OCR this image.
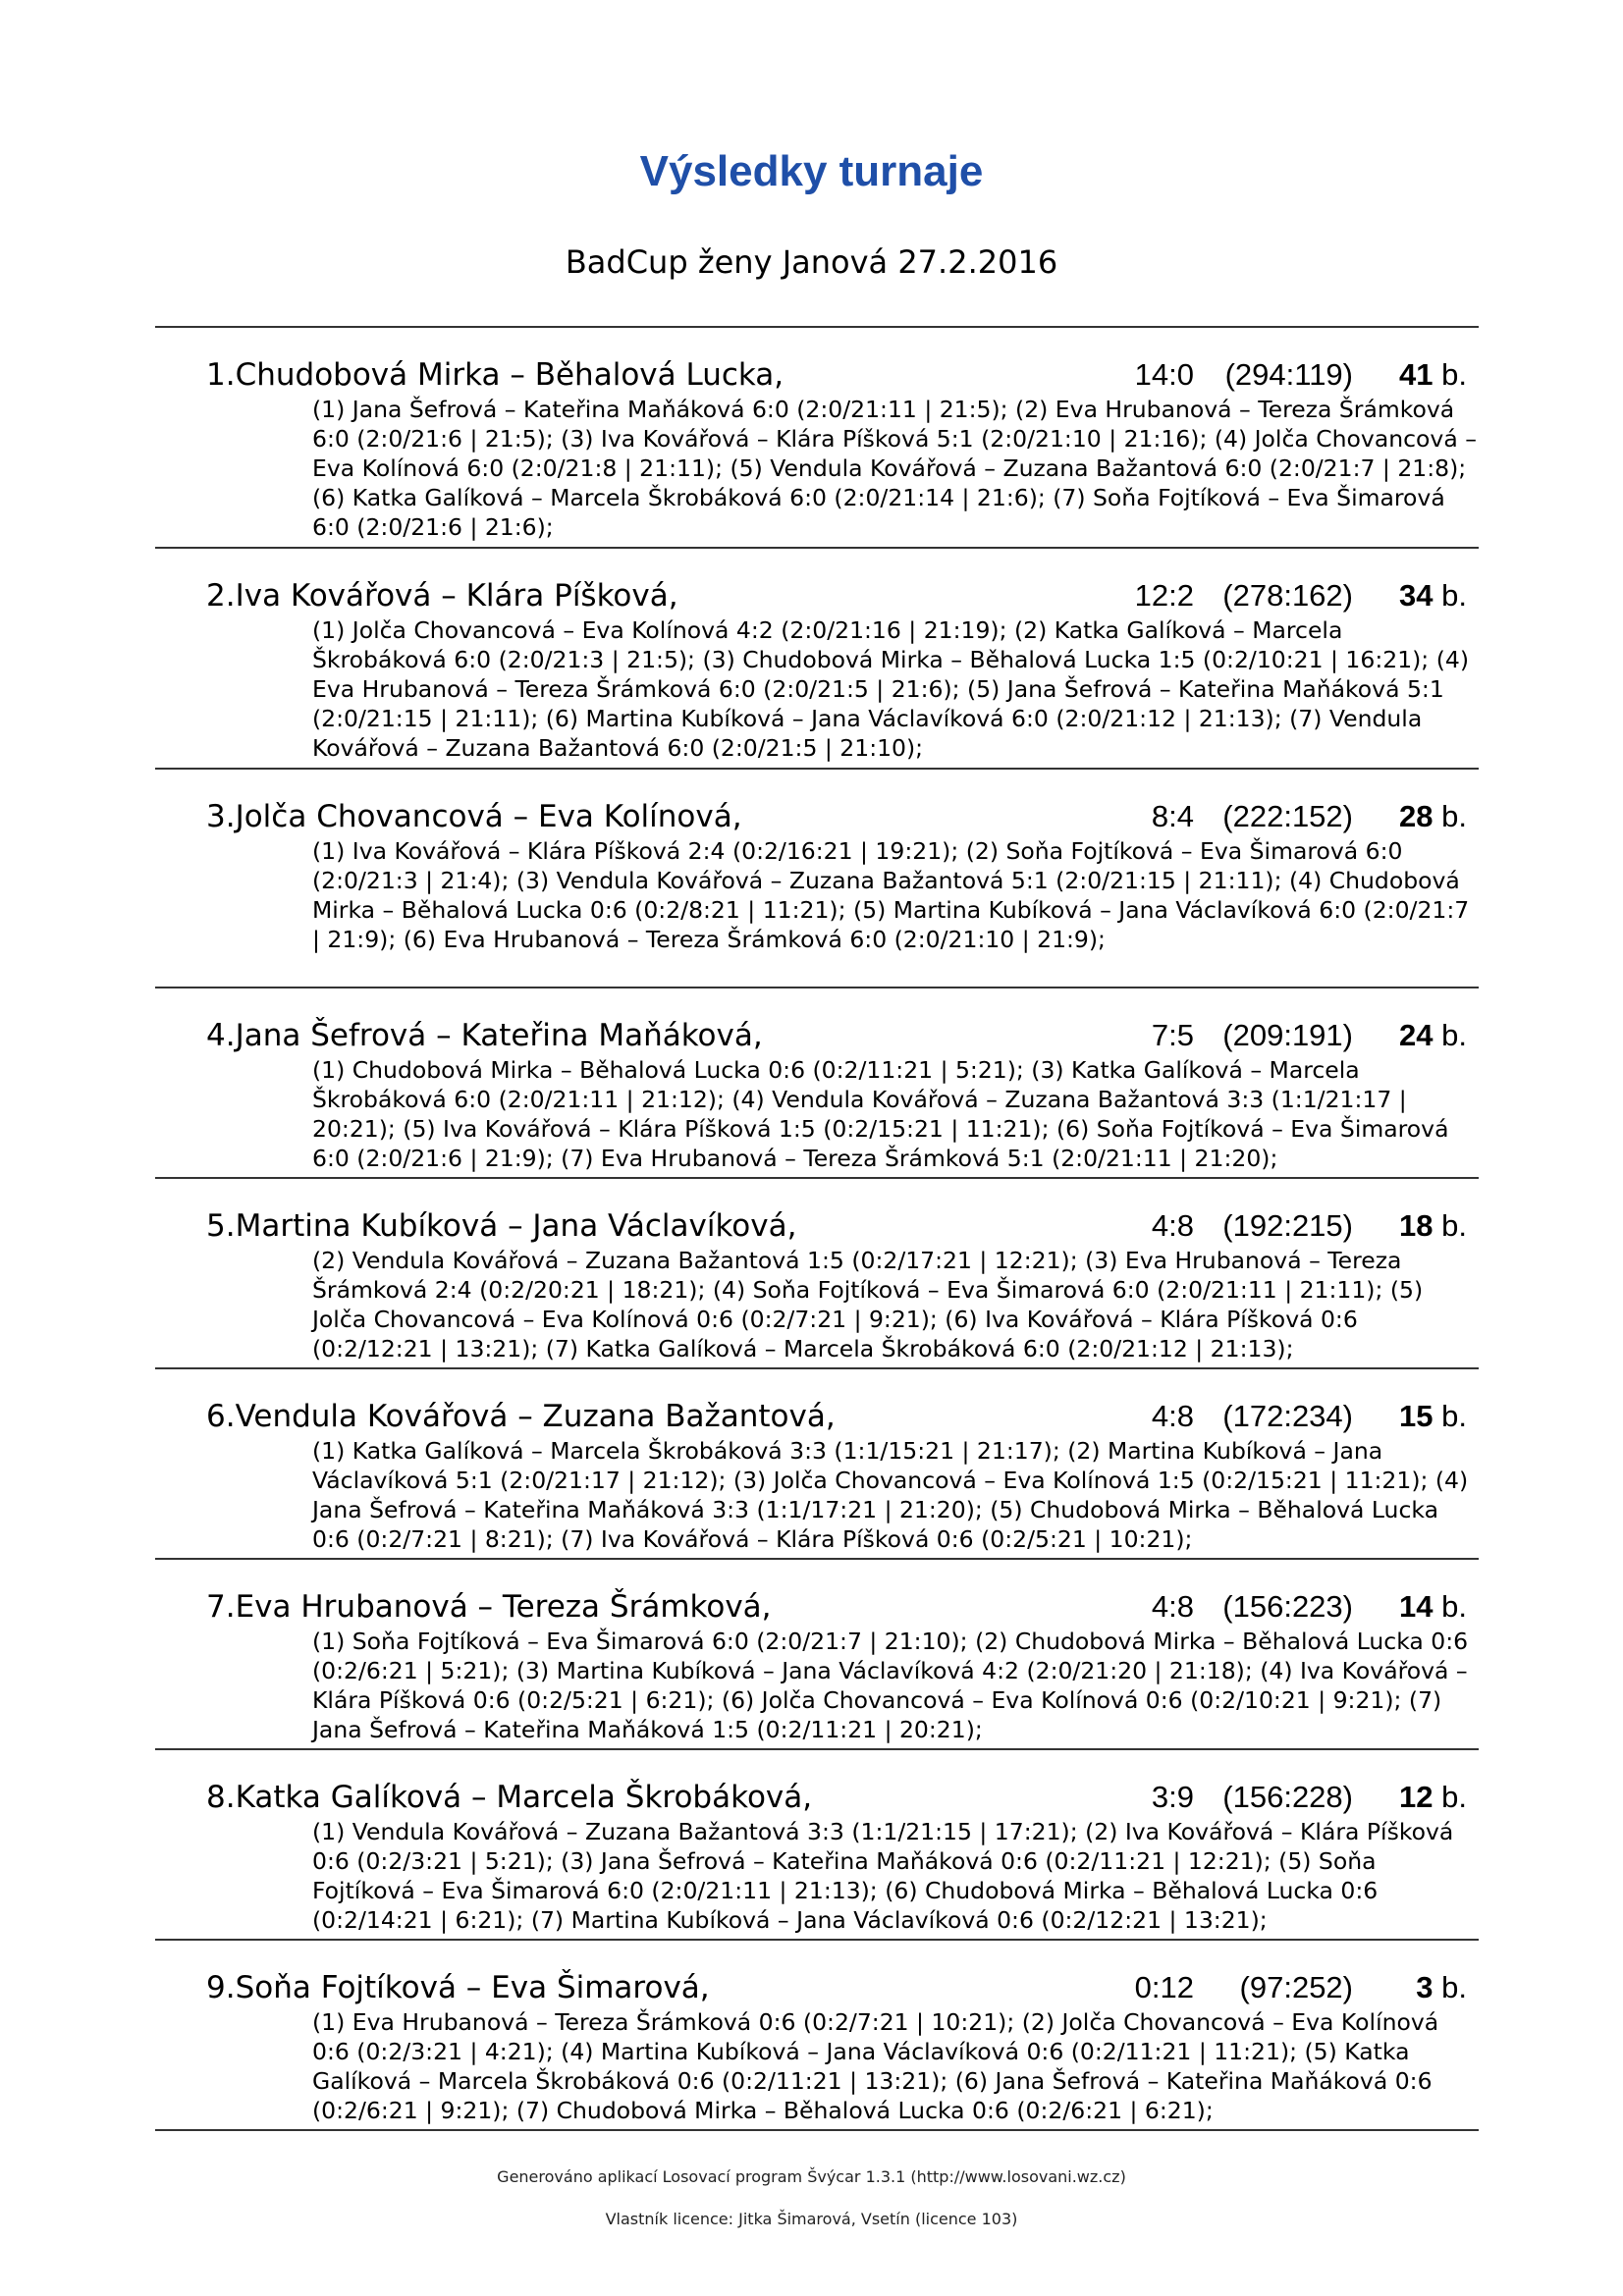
Výsledky turnaje
BadCup ženy Janová 27.2.2016
1.Chudobová Mirka – Běhalová Lucka,	14:0 (294:119) 41 b.
(1) Jana Šefrová – Kateřina Maňáková 6:0 (2:0/21:11 | 21:5); (2) Eva Hrubanová – Tereza Šrámková 6:0 (2:0/21:6 | 21:5); (3) Iva Kovářová – Klára Píšková 5:1 (2:0/21:10 | 21:16); (4) Jolča Chovancová – Eva Kolínová 6:0 (2:0/21:8 | 21:11); (5) Vendula Kovářová – Zuzana Bažantová 6:0 (2:0/21:7 | 21:8); (6) Katka Galíková – Marcela Škrobáková 6:0 (2:0/21:14 | 21:6); (7) Soňa Fojtíková – Eva Šimarová 6:0 (2:0/21:6 | 21:6);
2.Iva Kovářová – Klára Píšková,	12:2 (278:162) 34 b.
(1) Jolča Chovancová – Eva Kolínová 4:2 (2:0/21:16 | 21:19); (2) Katka Galíková – Marcela Škrobáková 6:0 (2:0/21:3 | 21:5); (3) Chudobová Mirka – Běhalová Lucka 1:5 (0:2/10:21 | 16:21); (4) Eva Hrubanová – Tereza Šrámková 6:0 (2:0/21:5 | 21:6); (5) Jana Šefrová – Kateřina Maňáková 5:1 (2:0/21:15 | 21:11); (6) Martina Kubíková – Jana Václavíková 6:0 (2:0/21:12 | 21:13); (7) Vendula Kovářová – Zuzana Bažantová 6:0 (2:0/21:5 | 21:10);
3.Jolča Chovancová – Eva Kolínová,	8:4 (222:152) 28 b.
(1) Iva Kovářová – Klára Píšková 2:4 (0:2/16:21 | 19:21); (2) Soňa Fojtíková – Eva Šimarová 6:0 (2:0/21:3 | 21:4); (3) Vendula Kovářová – Zuzana Bažantová 5:1 (2:0/21:15 | 21:11); (4) Chudobová Mirka – Běhalová Lucka 0:6 (0:2/8:21 | 11:21); (5) Martina Kubíková – Jana Václavíková 6:0 (2:0/21:7 | 21:9); (6) Eva Hrubanová – Tereza Šrámková 6:0 (2:0/21:10 | 21:9);
4.Jana Šefrová – Kateřina Maňáková,	7:5 (209:191) 24 b.
(1) Chudobová Mirka – Běhalová Lucka 0:6 (0:2/11:21 | 5:21); (3) Katka Galíková – Marcela Škrobáková 6:0 (2:0/21:11 | 21:12); (4) Vendula Kovářová – Zuzana Bažantová 3:3 (1:1/21:17 | 20:21); (5) Iva Kovářová – Klára Píšková 1:5 (0:2/15:21 | 11:21); (6) Soňa Fojtíková – Eva Šimarová 6:0 (2:0/21:6 | 21:9); (7) Eva Hrubanová – Tereza Šrámková 5:1 (2:0/21:11 | 21:20);
5.Martina Kubíková – Jana Václavíková,	4:8 (192:215) 18 b.
(2) Vendula Kovářová – Zuzana Bažantová 1:5 (0:2/17:21 | 12:21); (3) Eva Hrubanová – Tereza Šrámková 2:4 (0:2/20:21 | 18:21); (4) Soňa Fojtíková – Eva Šimarová 6:0 (2:0/21:11 | 21:11); (5) Jolča Chovancová – Eva Kolínová 0:6 (0:2/7:21 | 9:21); (6) Iva Kovářová – Klára Píšková 0:6 (0:2/12:21 | 13:21); (7) Katka Galíková – Marcela Škrobáková 6:0 (2:0/21:12 | 21:13);
6.Vendula Kovářová – Zuzana Bažantová,	4:8 (172:234) 15 b.
(1) Katka Galíková – Marcela Škrobáková 3:3 (1:1/15:21 | 21:17); (2) Martina Kubíková – Jana Václavíková 5:1 (2:0/21:17 | 21:12); (3) Jolča Chovancová – Eva Kolínová 1:5 (0:2/15:21 | 11:21); (4) Jana Šefrová – Kateřina Maňáková 3:3 (1:1/17:21 | 21:20); (5) Chudobová Mirka – Běhalová Lucka 0:6 (0:2/7:21 | 8:21); (7) Iva Kovářová – Klára Píšková 0:6 (0:2/5:21 | 10:21);
7.Eva Hrubanová – Tereza Šrámková,	4:8 (156:223) 14 b.
(1) Soňa Fojtíková – Eva Šimarová 6:0 (2:0/21:7 | 21:10); (2) Chudobová Mirka – Běhalová Lucka 0:6 (0:2/6:21 | 5:21); (3) Martina Kubíková – Jana Václavíková 4:2 (2:0/21:20 | 21:18); (4) Iva Kovářová – Klára Píšková 0:6 (0:2/5:21 | 6:21); (6) Jolča Chovancová – Eva Kolínová 0:6 (0:2/10:21 | 9:21); (7) Jana Šefrová – Kateřina Maňáková 1:5 (0:2/11:21 | 20:21);
8.Katka Galíková – Marcela Škrobáková,	3:9 (156:228) 12 b.
(1) Vendula Kovářová – Zuzana Bažantová 3:3 (1:1/21:15 | 17:21); (2) Iva Kovářová – Klára Píšková 0:6 (0:2/3:21 | 5:21); (3) Jana Šefrová – Kateřina Maňáková 0:6 (0:2/11:21 | 12:21); (5) Soňa Fojtíková – Eva Šimarová 6:0 (2:0/21:11 | 21:13); (6) Chudobová Mirka – Běhalová Lucka 0:6 (0:2/14:21 | 6:21); (7) Martina Kubíková – Jana Václavíková 0:6 (0:2/12:21 | 13:21);
9.Soňa Fojtíková – Eva Šimarová,	0:12 (97:252) 3 b.
(1) Eva Hrubanová – Tereza Šrámková 0:6 (0:2/7:21 | 10:21); (2) Jolča Chovancová – Eva Kolínová 0:6 (0:2/3:21 | 4:21); (4) Martina Kubíková – Jana Václavíková 0:6 (0:2/11:21 | 11:21); (5) Katka Galíková – Marcela Škrobáková 0:6 (0:2/11:21 | 13:21); (6) Jana Šefrová – Kateřina Maňáková 0:6 (0:2/6:21 | 9:21); (7) Chudobová Mirka – Běhalová Lucka 0:6 (0:2/6:21 | 6:21);
Generováno aplikací Losovací program Švýcar 1.3.1 (http://www.losovani.wz.cz)
Vlastník licence: Jitka Šimarová, Vsetín (licence 103)
